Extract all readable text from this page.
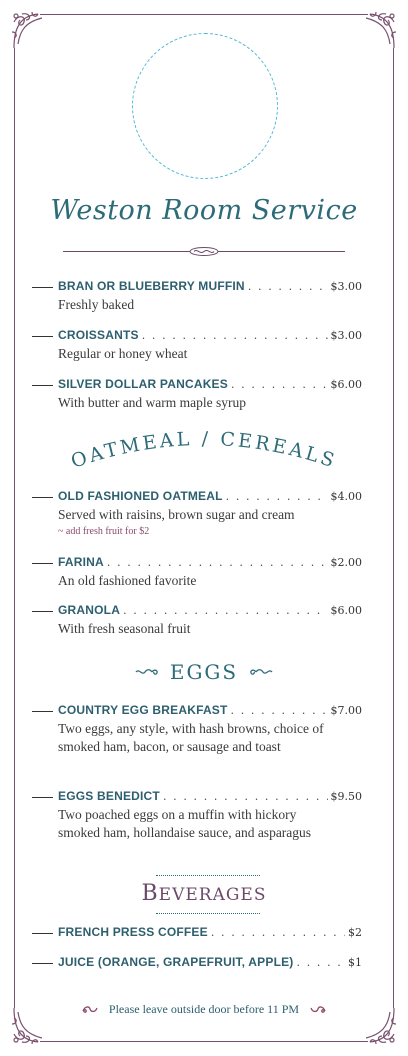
Weston Room Service
BRAN OR BLUEBERRY MUFFIN . . .	$3.00
Freshly baked
CROISSANTS . . .	$3.00
Regular or honey wheat
SILVER DOLLAR PANCAKES . . .	$6.00
With butter and warm maple syrup
OATMEAL / CEREALS
OLD FASHIONED OATMEAL . . .	$4.00
Served with raisins, brown sugar and cream
~ add fresh fruit for $2
FARINA . . .	$2.00
An old fashioned favorite
GRANOLA . . .	$6.00
With fresh seasonal fruit
EGGS
COUNTRY EGG BREAKFAST . . .	$7.00
Two eggs, any style, with hash browns, choice of smoked ham, bacon, or sausage and toast
EGGS BENEDICT . . .	$9.50
Two poached eggs on a muffin with hickory smoked ham, hollandaise sauce, and asparagus
BEVERAGES
FRENCH PRESS COFFEE . . .	$2
JUICE (ORANGE, GRAPEFRUIT, APPLE) . . .	$1
Please leave outside door before 11 PM
